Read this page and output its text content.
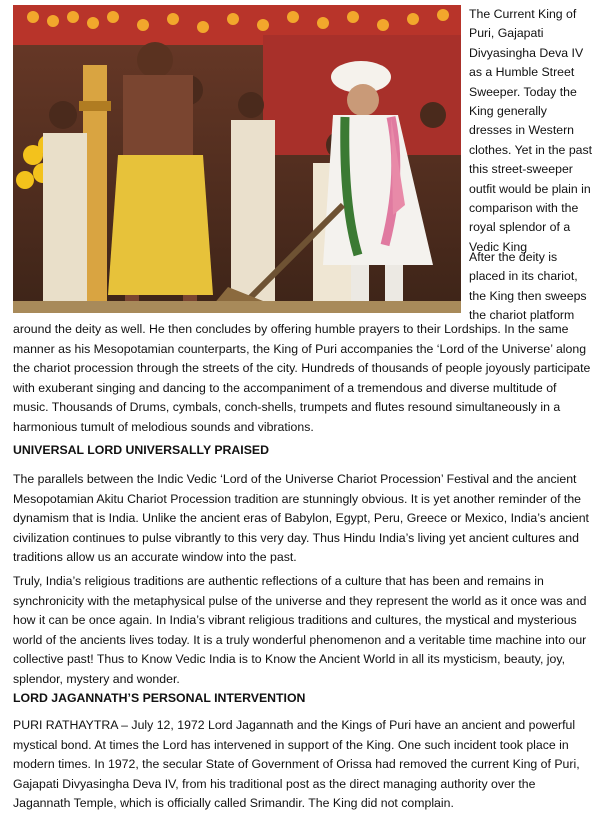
The Current King of Puri, Gajapati Divyasingha Deva IV as a Humble Street Sweeper. Today the King generally dresses in Western clothes. Yet in the past this street-sweeper outfit would be plain in comparison with the royal splendor of a Vedic King

After the deity is placed in its chariot, the King then sweeps the chariot platform

around the deity as well. He then concludes by offering humble prayers to their Lordships. In the same manner as his Mesopotamian counterparts, the King of Puri accompanies the ‘Lord of the Universe’ along the chariot procession through the streets of the city. Hundreds of thousands of people joyously participate with exuberant singing and dancing to the accompaniment of a tremendous and diverse multitude of music. Thousands of Drums, cymbals, conch-shells, trumpets and flutes resound simultaneously in a harmonious tumult of melodious sounds and vibrations.

UNIVERSAL LORD UNIVERSALLY PRAISED

The parallels between the Indic Vedic ‘Lord of the Universe Chariot Procession’ Festival and the ancient Mesopotamian Akitu Chariot Procession tradition are stunningly obvious. It is yet another reminder of the dynamism that is India. Unlike the ancient eras of Babylon, Egypt, Peru, Greece or Mexico, India’s ancient civilization continues to pulse vibrantly to this very day. Thus Hindu India’s living yet ancient cultures and traditions allow us an accurate window into the past.

Truly, India’s religious traditions are authentic reflections of a culture that has been and remains in synchronicity with the metaphysical pulse of the universe and they represent the world as it once was and how it can be once again. In India’s vibrant religious traditions and cultures, the mystical and mysterious world of the ancients lives today. It is a truly wonderful phenomenon and a veritable time machine into our collective past! Thus to Know Vedic India is to Know the Ancient World in all its mysticism, beauty, joy, splendor, mystery and wonder.

LORD JAGANNATH’S PERSONAL INTERVENTION

PURI RATHAYTRA – July 12, 1972 Lord Jagannath and the Kings of Puri have an ancient and powerful mystical bond. At times the Lord has intervened in support of the King. One such incident took place in modern times. In 1972, the secular State of Government of Orissa had removed the current King of Puri, Gajapati Divyasingha Deva IV, from his traditional post as the direct managing authority over the Jagannath Temple, which is officially called Srimandir. The King did not complain.
